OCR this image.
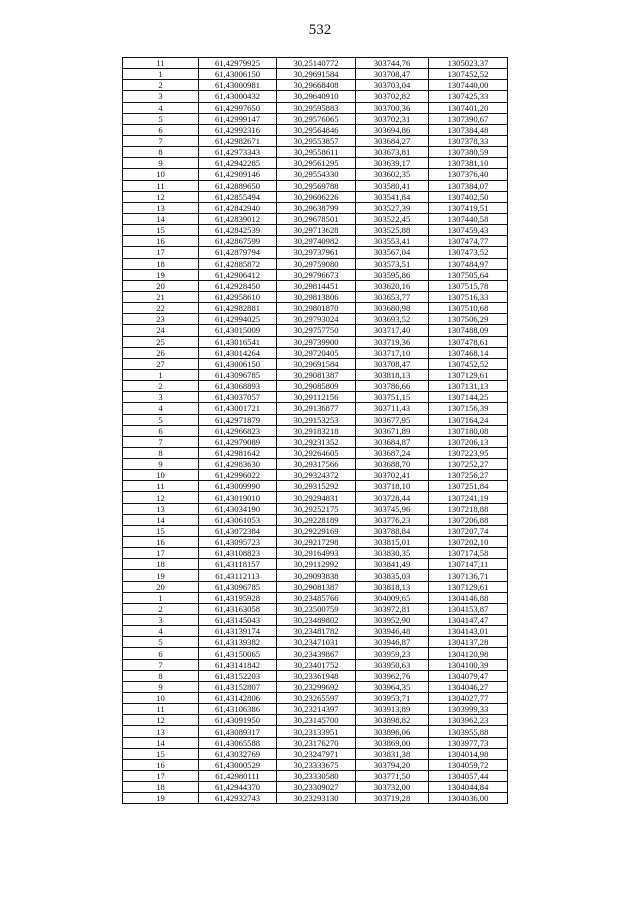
532
11	61,42979925	30,25140772	303744,76	1305023,37
1	61,43006150	30,29691584	303708,47	1307452,52
2	61,43000981	30,29668408	303703,04	1307440,00
3	61,43000432	30,29640910	303702,82	1307425,33
4	61,42997650	30,29595883	303700,36	1307401,20
5	61,42999147	30,29576065	303702,31	1307390,67
6	61,42992316	30,29564846	303694,86	1307384,48
7	61,42982671	30,29553857	303684,27	1307378,33
8	61,42973343	30,29558611	303673,81	1307380,59
9	61,42942285	30,29561295	303639,17	1307381,10
10	61,42909146	30,29554330	303602,35	1307376,40
11	61,42889650	30,29569788	303580,41	1307384,07
12	61,42855494	30,29606226	303541,84	1307402,50
13	61,42842940	30,29638799	303527,39	1307419,51
14	61,42839012	30,29678501	303522,45	1307440,58
15	61,42842539	30,29713628	303525,88	1307459,43
16	61,42867599	30,29740982	303553,41	1307474,77
17	61,42879794	30,29737961	303567,04	1307473,52
18	61,42885872	30,29759080	303573,51	1307484,97
19	61,42906412	30,29796673	303595,86	1307505,64
20	61,42928450	30,29814451	303620,16	1307515,78
21	61,42958610	30,29813806	303653,77	1307516,33
22	61,42982881	30,29801870	303680,98	1307510,68
23	61,42994025	30,29793024	303693,52	1307506,29
24	61,43015009	30,29757750	303717,40	1307488,09
25	61,43016541	30,29739900	303719,36	1307478,61
26	61,43014264	30,29720405	303717,10	1307468,14
27	61,43006150	30,29691584	303708,47	1307452,52
1	61,43096785	30,29081387	303818,13	1307129,61
2	61,43068893	30,29085809	303786,66	1307131,13
3	61,43037057	30,29112156	303751,15	1307144,25
4	61,43001721	30,29136877	303711,43	1307156,39
5	61,42971879	30,29153253	303677,95	1307164,24
6	61,42966823	30,29183218	303671,89	1307180,08
7	61,42979089	30,29231352	303684,87	1307206,13
8	61,42981642	30,29264605	303687,24	1307223,95
9	61,42983630	30,29317566	303688,70	1307252,27
10	61,42996022	30,29324372	303702,41	1307256,27
11	61,43009990	30,29315292	303718,10	1307251,84
12	61,43019010	30,29294831	303728,44	1307241,19
13	61,43034190	30,29252175	303745,96	1307218,88
14	61,43061053	30,29228189	303776,23	1307206,88
15	61,43072384	30,29229169	303788,84	1307207,74
16	61,43095723	30,29217298	303815,01	1307202,10
17	61,43108823	30,29164993	303830,35	1307174,58
18	61,43118157	30,29112992	303841,49	1307147,11
19	61,43112113	30,29093838	303835,03	1307136,71
20	61,43096785	30,29081387	303818,13	1307129,61
1	61,43195928	30,23485766	304009,65	1304146,88
2	61,43163058	30,23500759	303972,81	1304153,87
3	61,43145043	30,23489802	303952,90	1304147,47
4	61,43139174	30,23481782	303946,48	1304143,01
5	61,43139382	30,23471031	303946,87	1304137,28
6	61,43150065	30,23439867	303959,23	1304120,98
7	61,43141842	30,23401752	303950,63	1304100,39
8	61,43152203	30,23361948	303962,76	1304079,47
9	61,43152807	30,23299692	303964,35	1304046,27
10	61,43142806	30,23265597	303953,71	1304027,77
11	61,43106386	30,23214397	303913,89	1303999,33
12	61,43091950	30,23145700	303898,82	1303962,23
13	61,43089317	30,23133951	303896,06	1303955,88
14	61,43065588	30,23176270	303869,00	1303977,73
15	61,43032769	30,23247971	303831,38	1304014,98
16	61,43000529	30,23333675	303794,20	1304059,72
17	61,42980111	30,23330580	303771,50	1304057,44
18	61,42944370	30,23309027	303732,00	1304044,84
19	61,42932743	30,23293130	303719,28	1304036,00
